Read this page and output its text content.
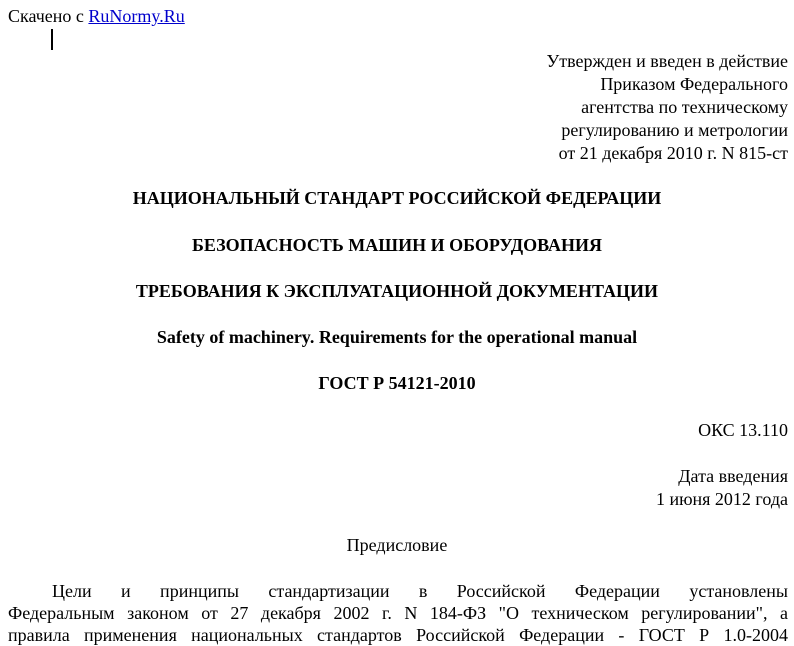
Скачено с RuNormy.Ru
Утвержден и введен в действие
Приказом Федерального
агентства по техническому
регулированию и метрологии
от 21 декабря 2010 г. N 815-ст
НАЦИОНАЛЬНЫЙ СТАНДАРТ РОССИЙСКОЙ ФЕДЕРАЦИИ
БЕЗОПАСНОСТЬ МАШИН И ОБОРУДОВАНИЯ
ТРЕБОВАНИЯ К ЭКСПЛУАТАЦИОННОЙ ДОКУМЕНТАЦИИ
Safety of machinery. Requirements for the operational manual
ГОСТ Р 54121-2010
ОКС 13.110
Дата введения
1 июня 2012 года
Предисловие
Цели и принципы стандартизации в Российской Федерации установлены
Федеральным законом от 27 декабря 2002 г. N 184-ФЗ "О техническом регулировании", а
правила применения национальных стандартов Российской Федерации - ГОСТ Р 1.0-2004
